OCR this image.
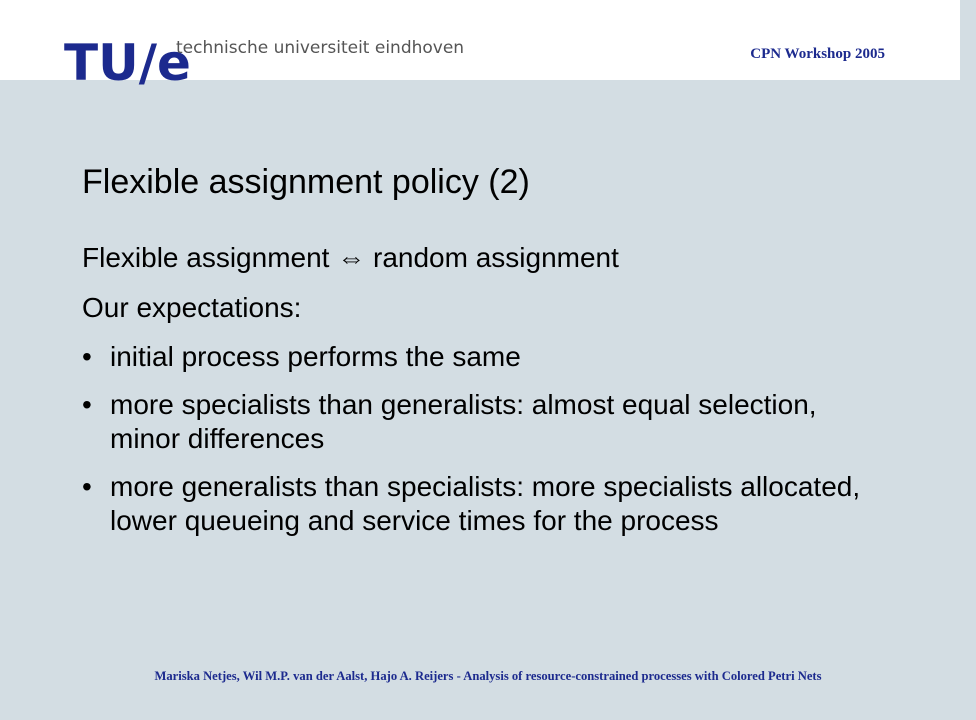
TU/e
technische universiteit eindhoven	CPN Workshop 2005
Flexible assignment policy (2)
Flexible assignment ⇔ random assignment
Our expectations:
• initial process performs the same
• more specialists than generalists: almost equal selection, minor differences
• more generalists than specialists: more specialists allocated, lower queueing and service times for the process
Mariska Netjes, Wil M.P. van der Aalst, Hajo A. Reijers - Analysis of resource-constrained processes with Colored Petri Nets
